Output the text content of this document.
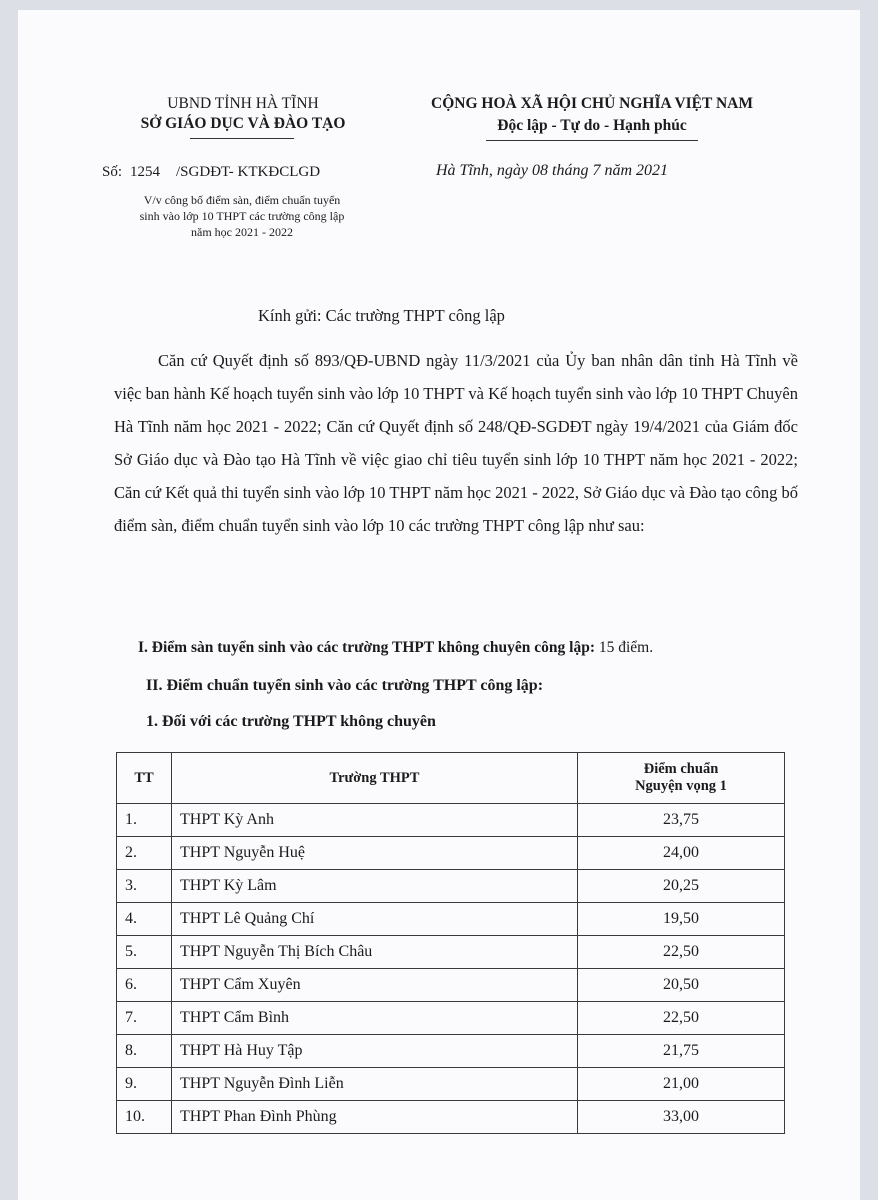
UBND TỈNH HÀ TĨNH
SỞ GIÁO DỤC VÀ ĐÀO TẠO
CỘNG HOÀ XÃ HỘI CHỦ NGHĨA VIỆT NAM
Độc lập - Tự do - Hạnh phúc
Số: 1254 /SGDĐT- KTKĐCLGD
V/v công bố điểm sàn, điểm chuẩn tuyển
sinh vào lớp 10 THPT các trường công lập
năm học 2021 - 2022
Hà Tĩnh, ngày 08 tháng 7 năm 2021
Kính gửi: Các trường THPT công lập

Căn cứ Quyết định số 893/QĐ-UBND ngày 11/3/2021 của Ủy ban nhân dân tỉnh Hà Tĩnh về việc ban hành Kế hoạch tuyển sinh vào lớp 10 THPT và Kế hoạch tuyển sinh vào lớp 10 THPT Chuyên Hà Tĩnh năm học 2021 - 2022; Căn cứ Quyết định số 248/QĐ-SGDĐT ngày 19/4/2021 của Giám đốc Sở Giáo dục và Đào tạo Hà Tĩnh về việc giao chỉ tiêu tuyển sinh lớp 10 THPT năm học 2021 - 2022; Căn cứ Kết quả thi tuyển sinh vào lớp 10 THPT năm học 2021 - 2022, Sở Giáo dục và Đào tạo công bố điểm sàn, điểm chuẩn tuyển sinh vào lớp 10 các trường THPT công lập như sau:

I. Điểm sàn tuyển sinh vào các trường THPT không chuyên công lập: 15 điểm.
II. Điểm chuẩn tuyển sinh vào các trường THPT công lập:
1. Đối với các trường THPT không chuyên
TT	Trường THPT	Điểm chuẩn
Nguyện vọng 1

1.	THPT Kỳ Anh	23,75
2.	THPT Nguyễn Huệ	24,00
3.	THPT Kỳ Lâm	20,25
4.	THPT Lê Quảng Chí	19,50
5.	THPT Nguyễn Thị Bích Châu	22,50
6.	THPT Cẩm Xuyên	20,50
7.	THPT Cẩm Bình	22,50
8.	THPT Hà Huy Tập	21,75
9.	THPT Nguyễn Đình Liễn	21,00
10.	THPT Phan Đình Phùng	33,00
